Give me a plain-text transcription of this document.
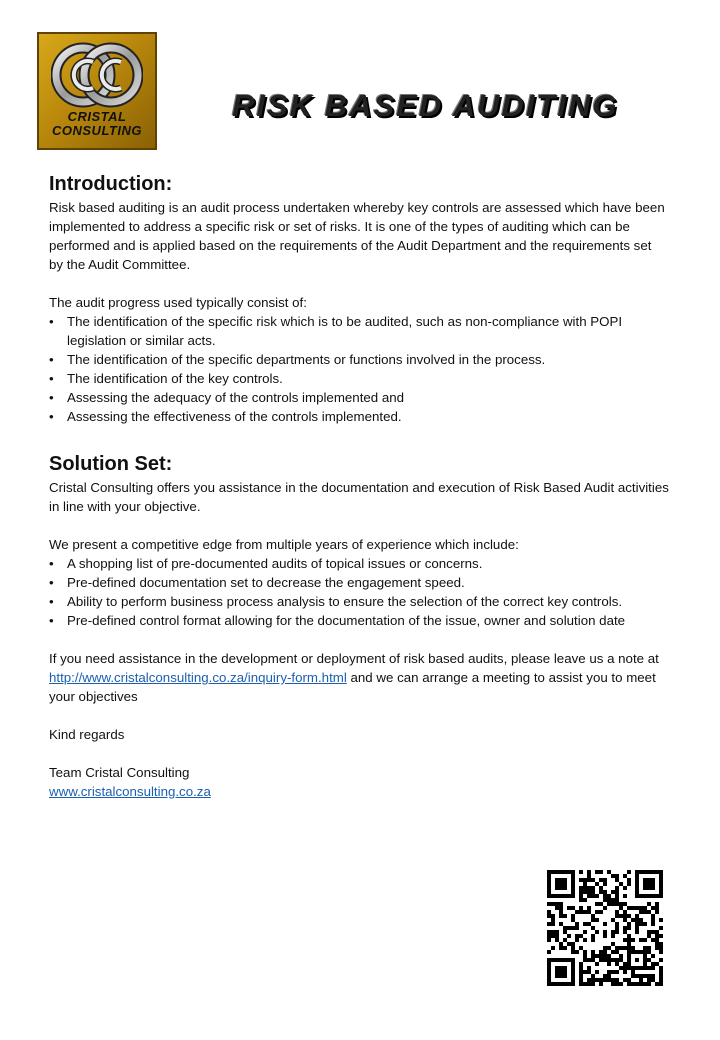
CRISTAL
CONSULTING
RISK BASED AUDITING
Introduction:

Risk based auditing is an audit process undertaken whereby key controls are assessed which have been implemented to address a specific risk or set of risks. It is one of the types of auditing which can be performed and is applied based on the requirements of the Audit Department and the requirements set by the Audit Committee.

The audit progress used typically consist of:

• The identification of the specific risk which is to be audited, such as non-compliance with POPI legislation or similar acts.
• The identification of the specific departments or functions involved in the process.
• The identification of the key controls.
• Assessing the adequacy of the controls implemented and
• Assessing the effectiveness of the controls implemented.
Solution Set:

Cristal Consulting offers you assistance in the documentation and execution of Risk Based Audit activities in line with your objective.

We present a competitive edge from multiple years of experience which include:

• A shopping list of pre-documented audits of topical issues or concerns.
• Pre-defined documentation set to decrease the engagement speed.
• Ability to perform business process analysis to ensure the selection of the correct key controls.
• Pre-defined control format allowing for the documentation of the issue, owner and solution date

If you need assistance in the development or deployment of risk based audits, please leave us a note at http://www.cristalconsulting.co.za/inquiry-form.html and we can arrange a meeting to assist you to meet your objectives

Kind regards

Team Cristal Consulting

www.cristalconsulting.co.za
